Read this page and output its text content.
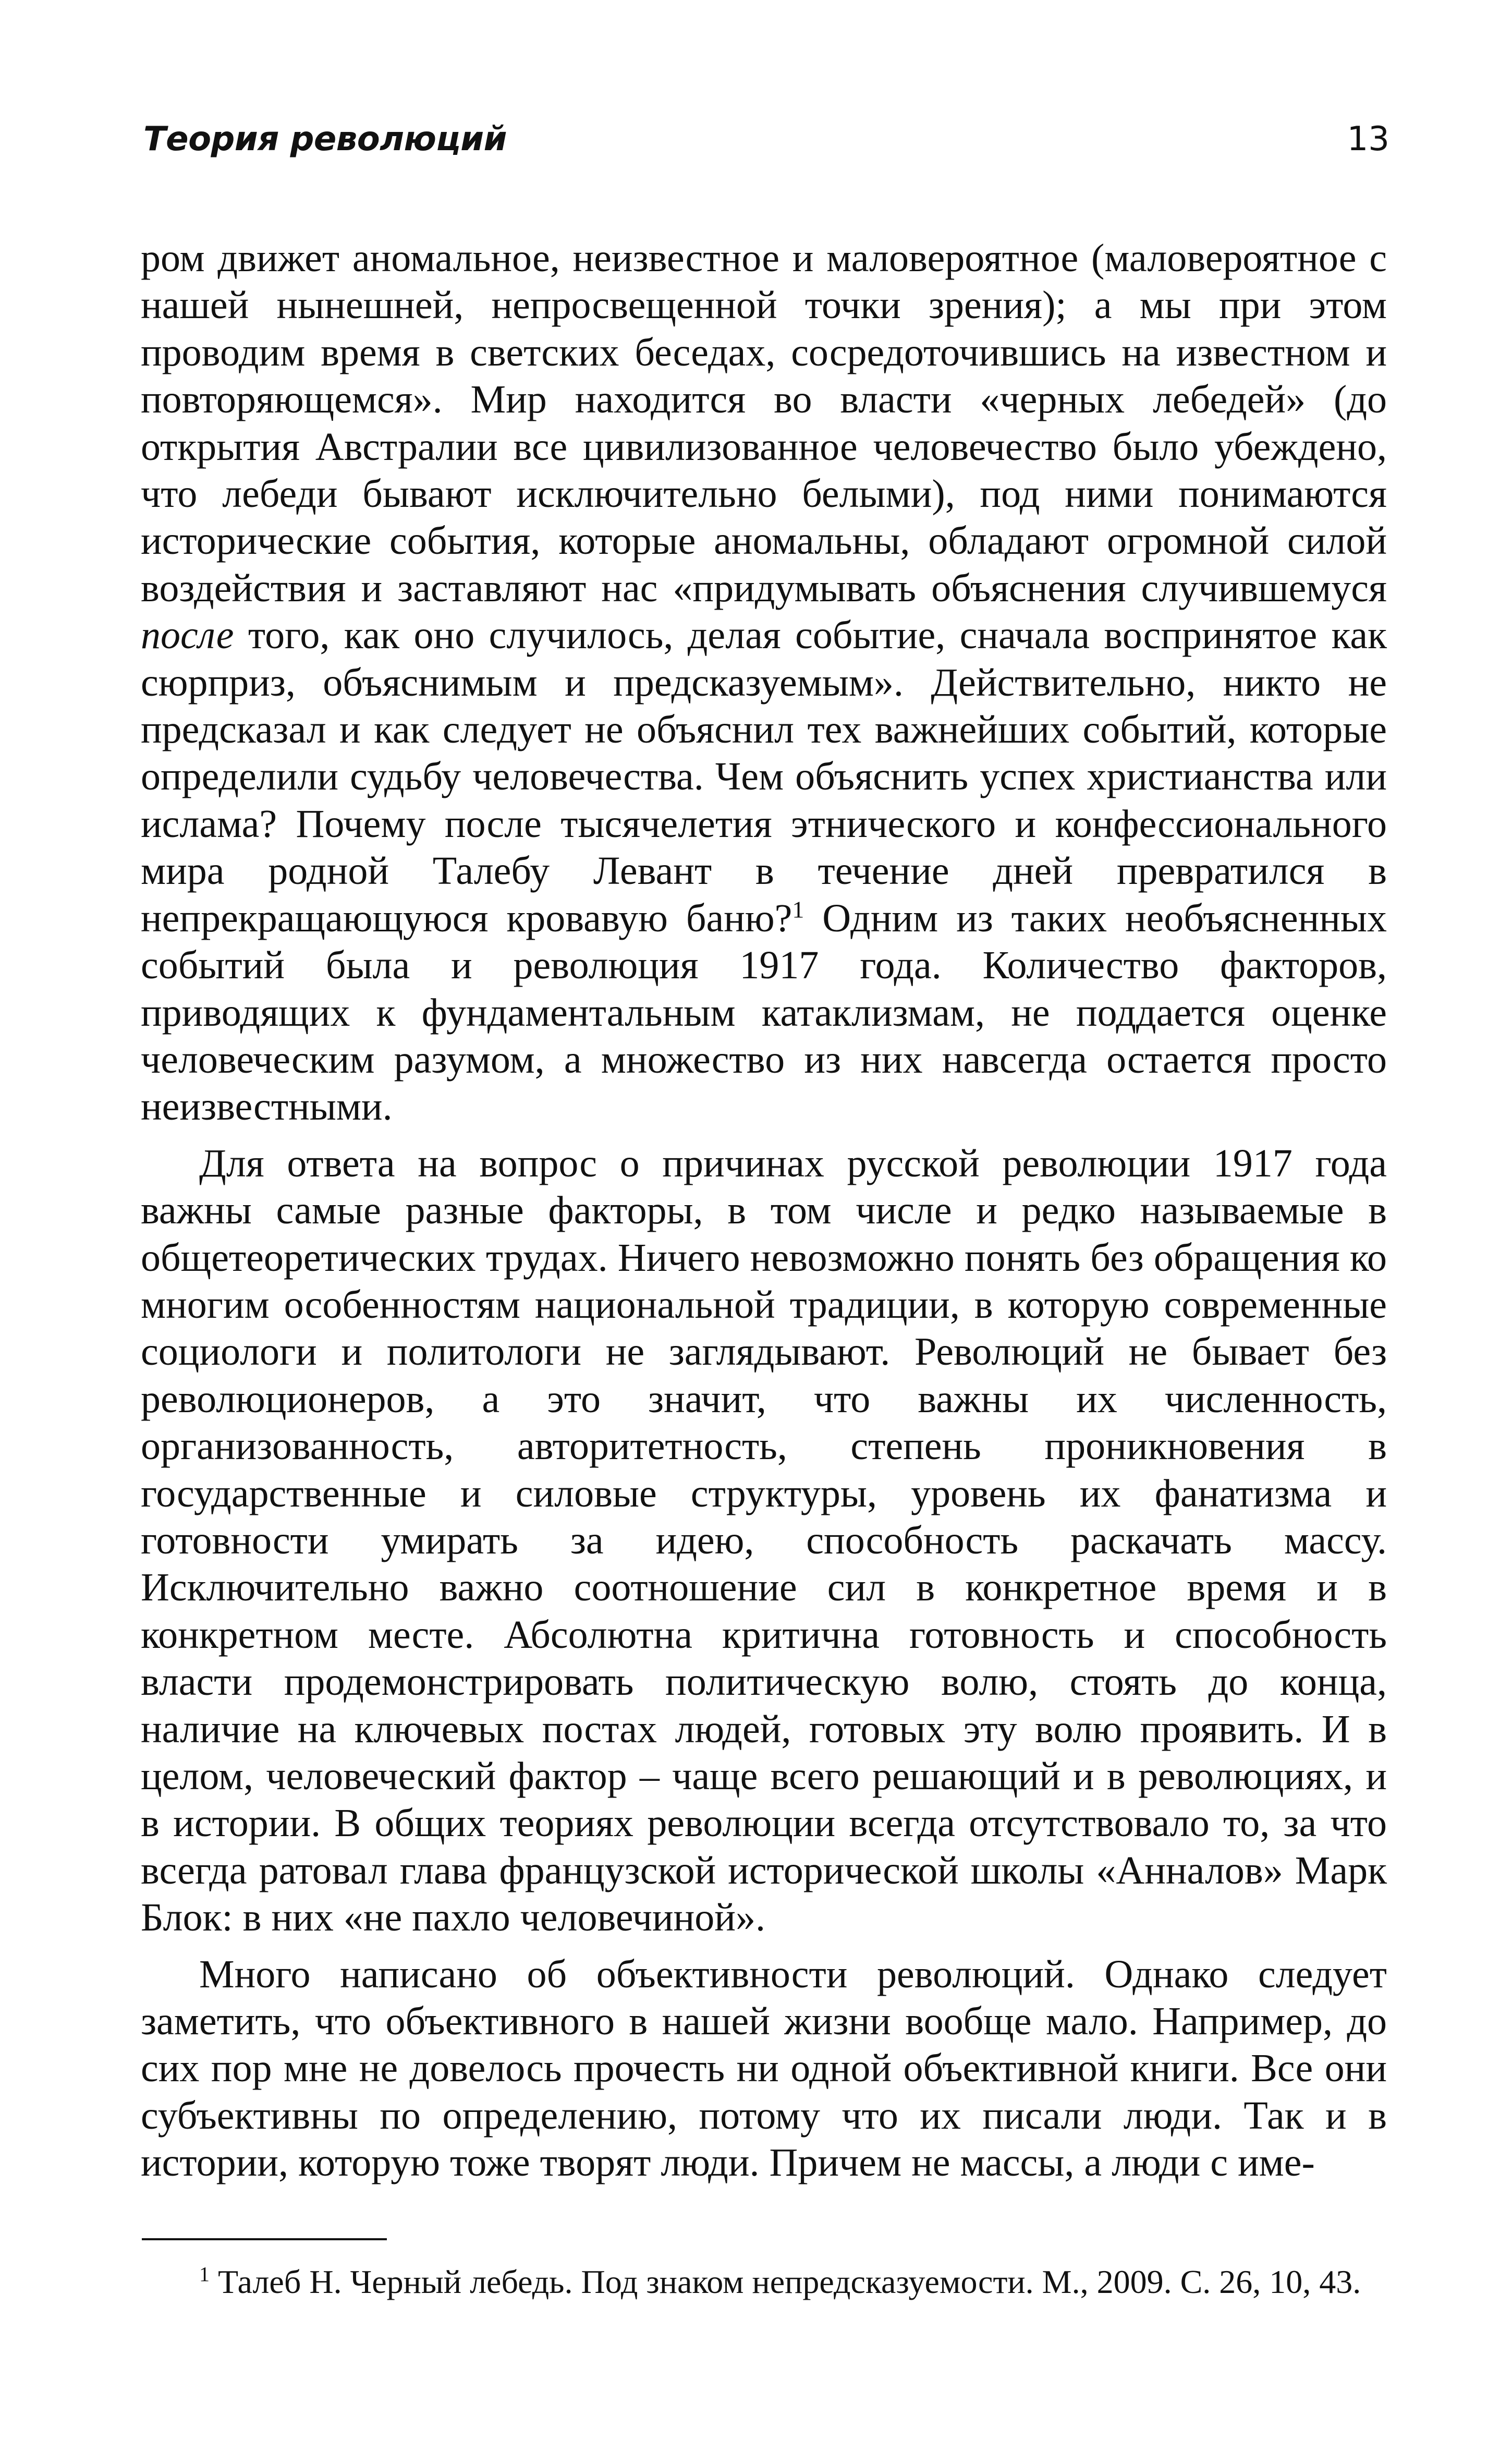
Теория революций	13

ром движет аномальное, неизвестное и маловероятное (маловероятное с нашей нынешней, непросвещенной точки зрения); а мы при этом проводим время в светских беседах, сосредоточившись на известном и повторяющемся». Мир находится во власти «черных лебедей» (до открытия Австралии все цивилизованное человечество было убеждено, что лебеди бывают исключительно белыми), под ними понимаются исторические события, которые аномальны, обладают огромной силой воздействия и заставляют нас «придумывать объяснения случившемуся после того, как оно случилось, делая событие, сначала воспринятое как сюрприз, объяснимым и предсказуемым». Действительно, никто не предсказал и как следует не объяснил тех важнейших событий, которые определили судьбу человечества. Чем объяснить успех христианства или ислама? Почему после тысячелетия этнического и конфессионального мира родной Талебу Левант в течение дней превратился в непрекращающуюся кровавую баню?$^1$ Одним из таких необъясненных событий была и революция 1917 года. Количество факторов, приводящих к фундаментальным катаклизмам, не поддается оценке человеческим разумом, а множество из них навсегда остается просто неизвестными.

Для ответа на вопрос о причинах русской революции 1917 года важны самые разные факторы, в том числе и редко называемые в общетеоретических трудах. Ничего невозможно понять без обращения ко многим особенностям национальной традиции, в которую современные социологи и политологи не заглядывают. Революций не бывает без революционеров, а это значит, что важны их численность, организованность, авторитетность, степень проникновения в государственные и силовые структуры, уровень их фанатизма и готовности умирать за идею, способность раскачать массу. Исключительно важно соотношение сил в конкретное время и в конкретном месте. Абсолютна критична готовность и способность власти продемонстрировать политическую волю, стоять до конца, наличие на ключевых постах людей, готовых эту волю проявить. И в целом, человеческий фактор – чаще всего решающий и в революциях, и в истории. В общих теориях революции всегда отсутствовало то, за что всегда ратовал глава французской исторической школы «Анналов» Марк Блок: в них «не пахло человечиной».

Много написано об объективности революций. Однако следует заметить, что объективного в нашей жизни вообще мало. Например, до сих пор мне не довелось прочесть ни одной объективной книги. Все они субъективны по определению, потому что их писали люди. Так и в истории, которую тоже творят люди. Причем не массы, а люди с име-

$^1$ Талеб Н. Черный лебедь. Под знаком непредсказуемости. М., 2009. С. 26, 10, 43.
